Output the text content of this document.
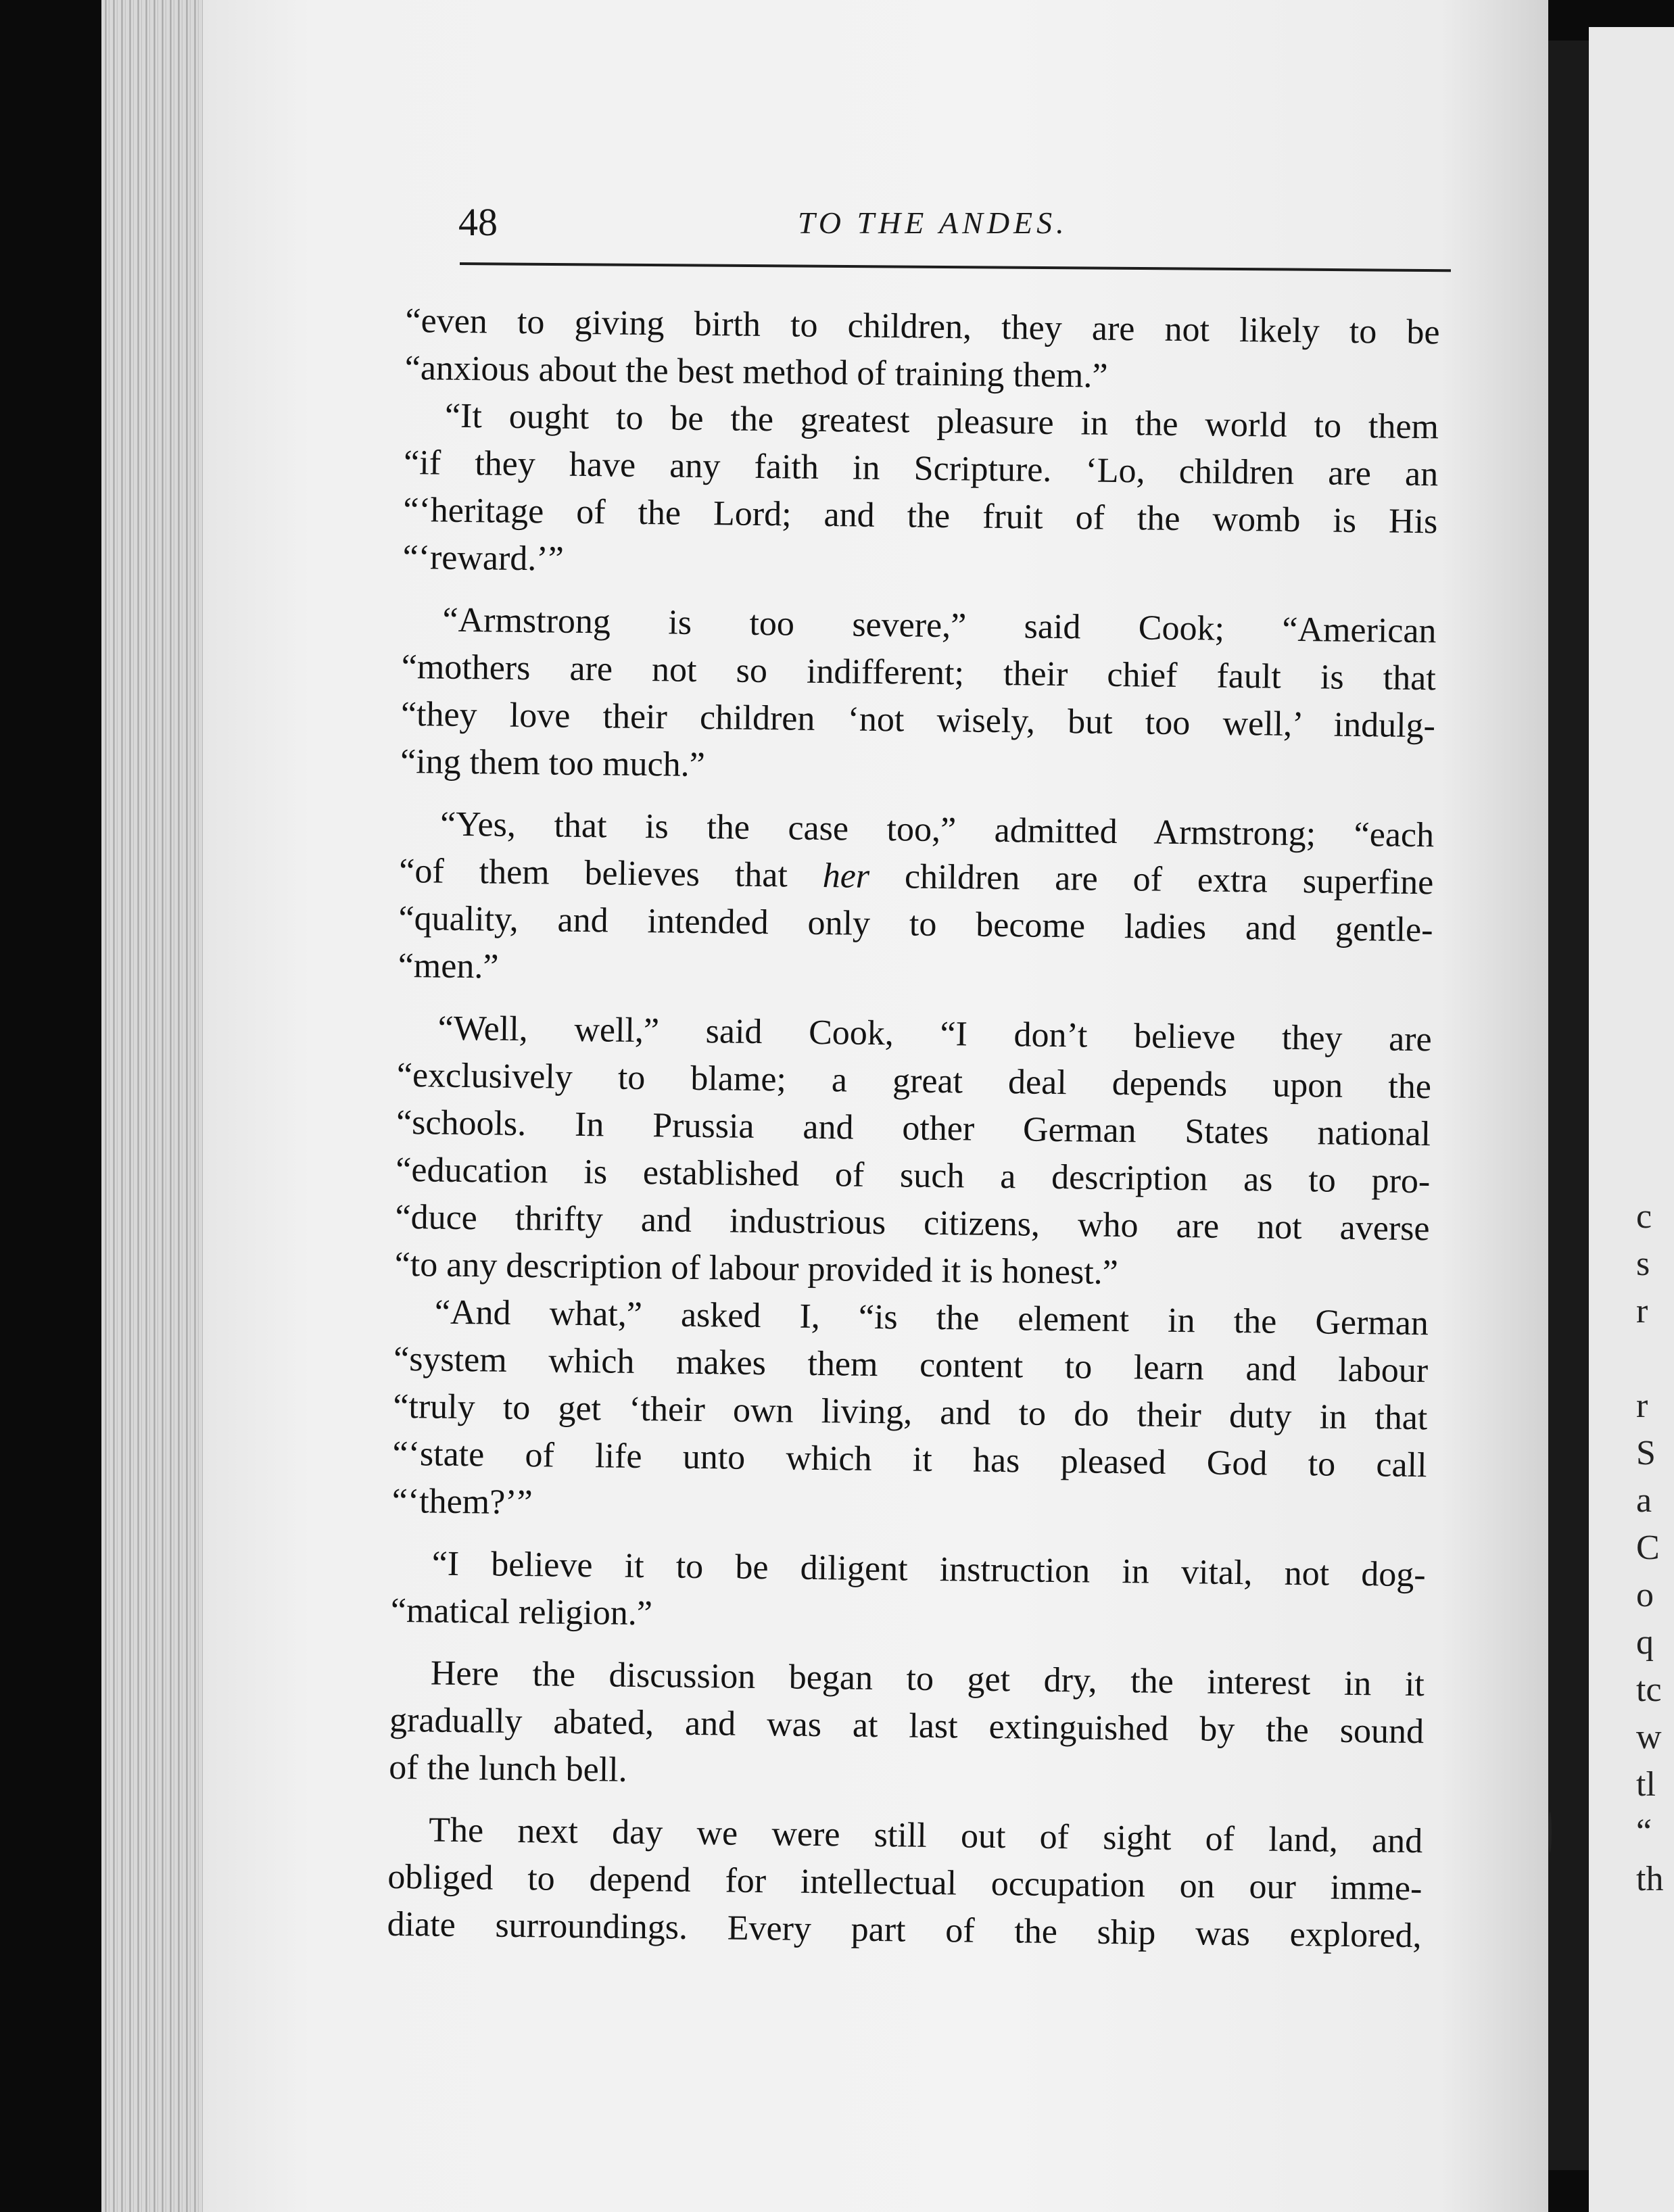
c
s
r
r
S
a
C
o
q
tc
w
tl
“
th
48	TO THE ANDES.
“even to giving birth to children, they are not likely to be
“anxious about the best method of training them.”
“It ought to be the greatest pleasure in the world to them
“if they have any faith in Scripture. ‘Lo, children are an
“‘heritage of the Lord; and the fruit of the womb is His
“‘reward.’”
“Armstrong is too severe,” said Cook; “American
“mothers are not so indifferent; their chief fault is that
“they love their children ‘not wisely, but too well,’ indulg-
“ing them too much.”
“Yes, that is the case too,” admitted Armstrong; “each
“of them believes that her children are of extra superfine
“quality, and intended only to become ladies and gentle-
“men.”
“Well, well,” said Cook, “I don’t believe they are
“exclusively to blame; a great deal depends upon the
“schools. In Prussia and other German States national
“education is established of such a description as to pro-
“duce thrifty and industrious citizens, who are not averse
“to any description of labour provided it is honest.”
“And what,” asked I, “is the element in the German
“system which makes them content to learn and labour
“truly to get ‘their own living, and to do their duty in that
“‘state of life unto which it has pleased God to call
“‘them?’”
“I believe it to be diligent instruction in vital, not dog-
“matical religion.”
Here the discussion began to get dry, the interest in it
gradually abated, and was at last extinguished by the sound
of the lunch bell.
The next day we were still out of sight of land, and
obliged to depend for intellectual occupation on our imme-
diate surroundings. Every part of the ship was explored,
